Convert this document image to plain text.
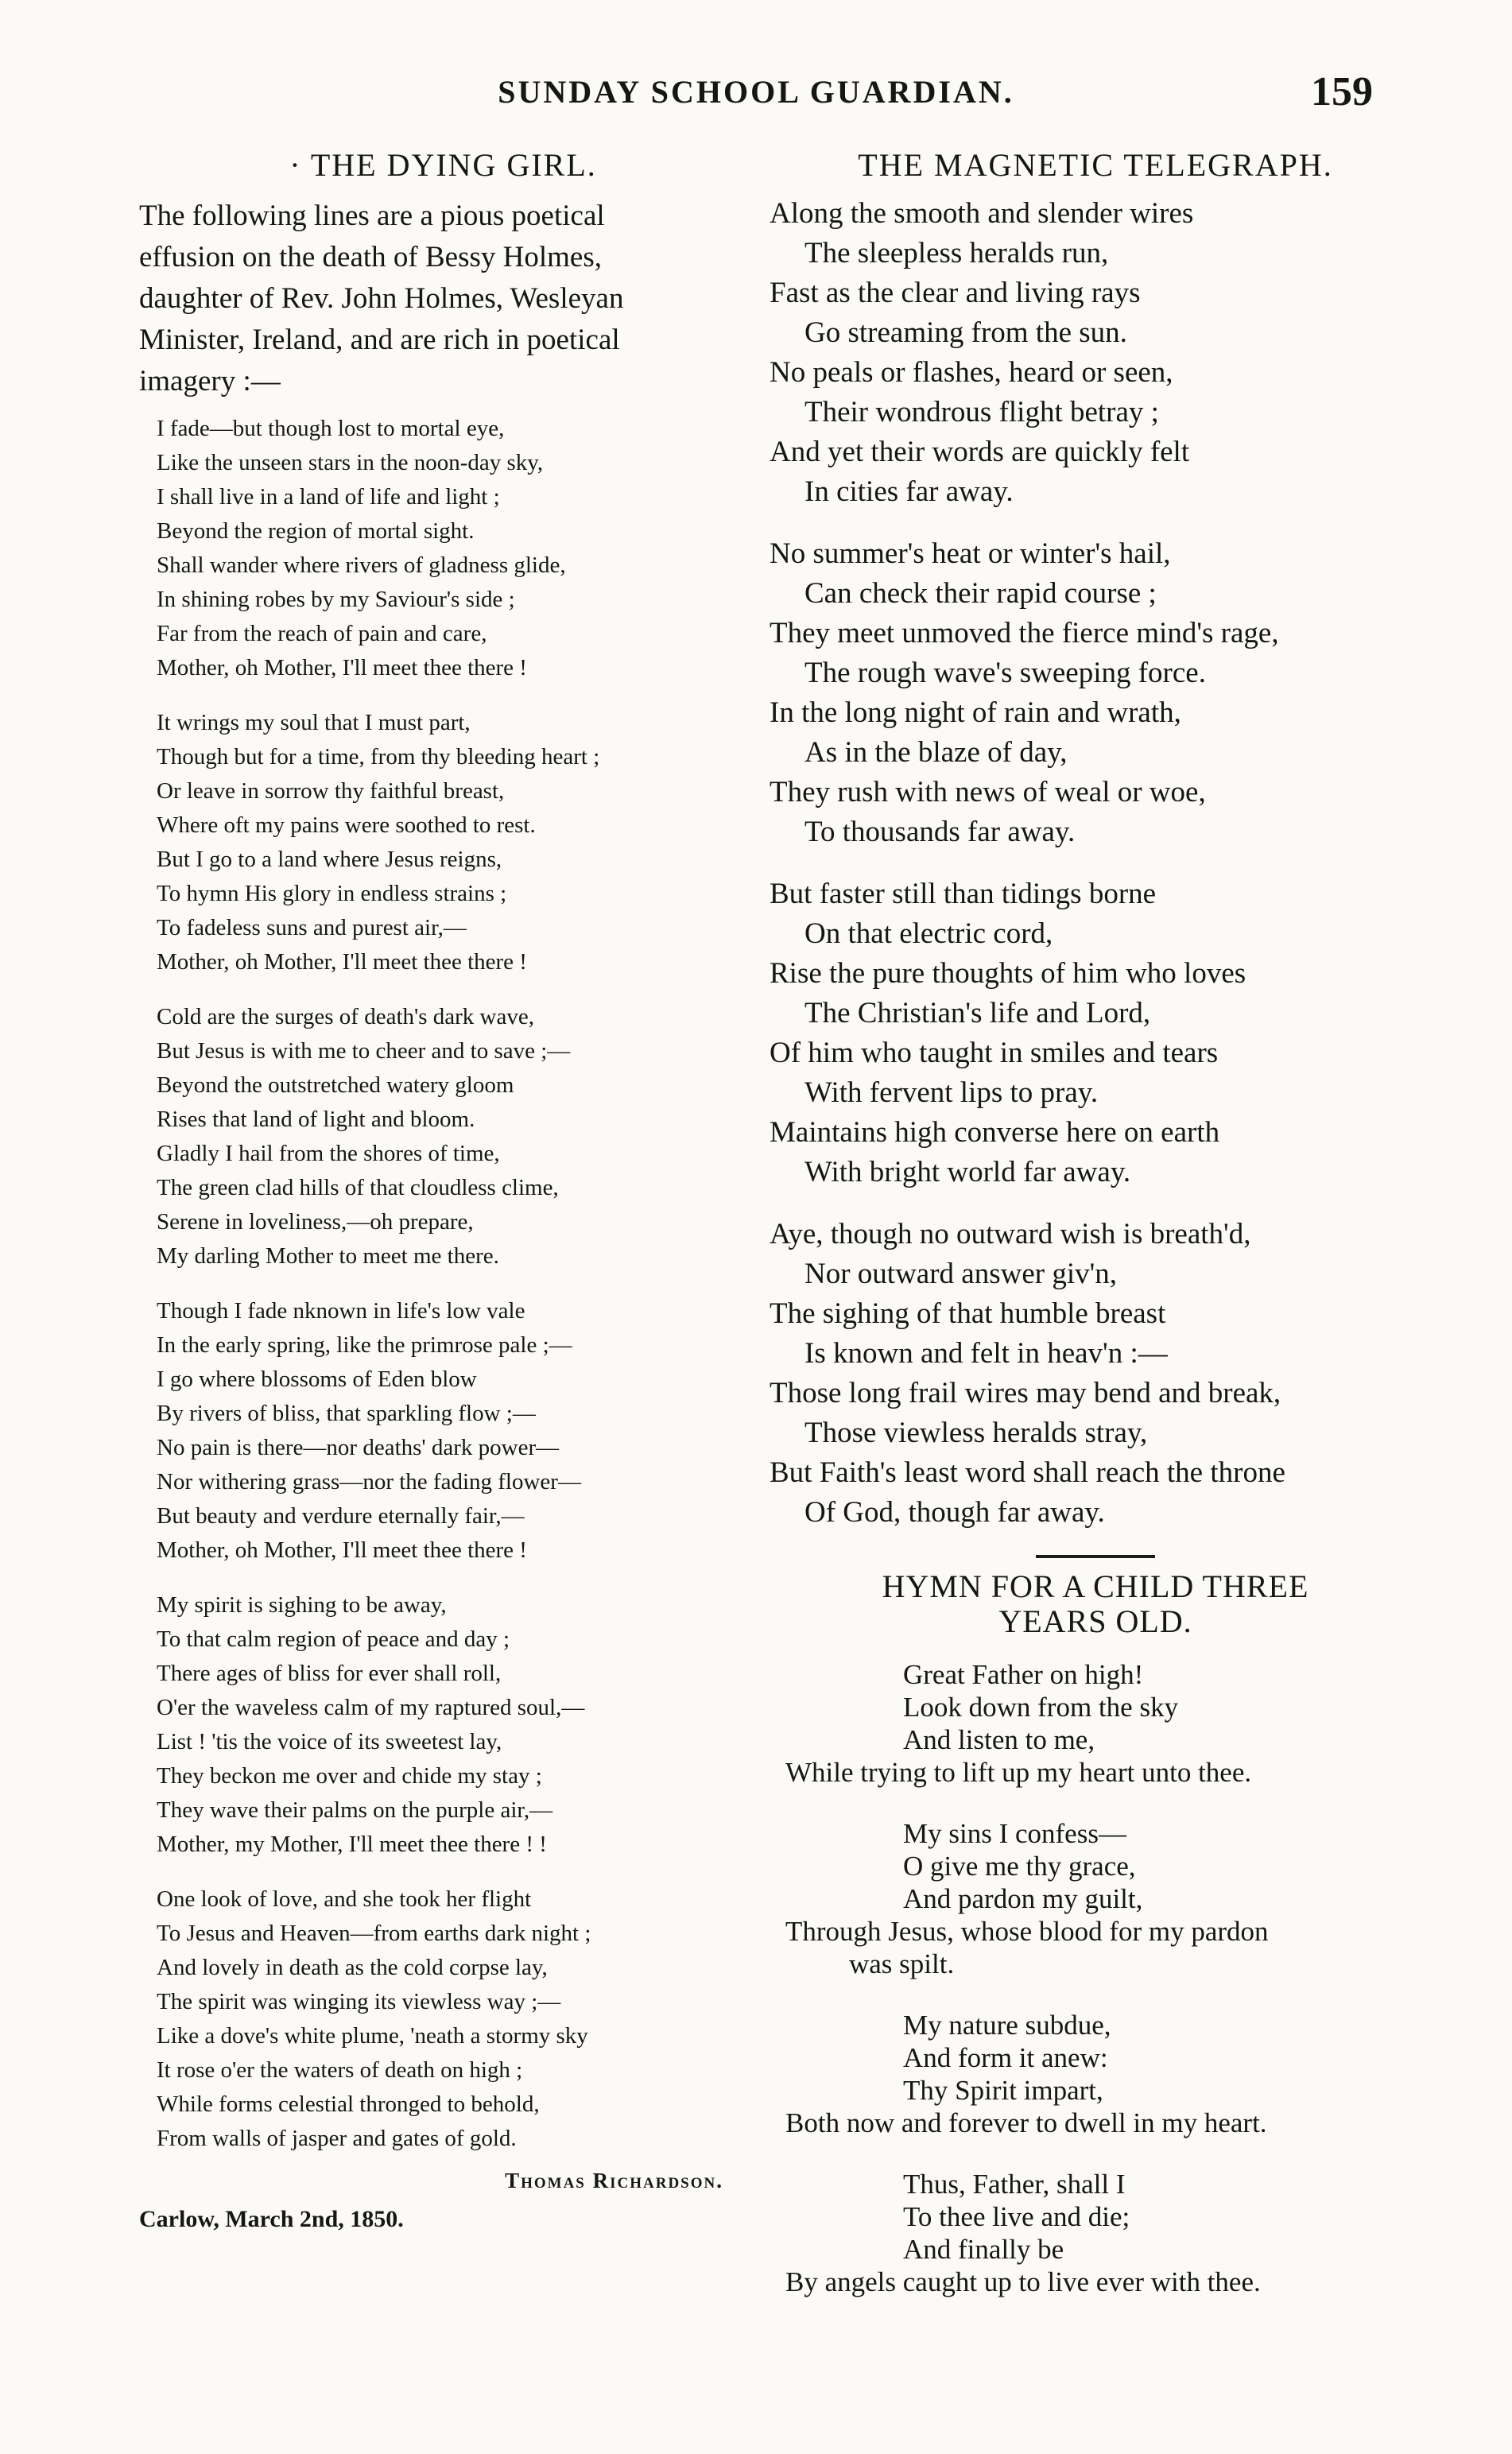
SUNDAY SCHOOL GUARDIAN.	159
· THE DYING GIRL.
The following lines are a pious poetical
effusion on the death of Bessy Holmes,
daughter of Rev. John Holmes, Wesleyan
Minister, Ireland, and are rich in poetical
imagery :—
I fade—but though lost to mortal eye,
Like the unseen stars in the noon-day sky,
I shall live in a land of life and light ;
Beyond the region of mortal sight.
Shall wander where rivers of gladness glide,
In shining robes by my Saviour's side ;
Far from the reach of pain and care,
Mother, oh Mother, I'll meet thee there !
It wrings my soul that I must part,
Though but for a time, from thy bleeding heart ;
Or leave in sorrow thy faithful breast,
Where oft my pains were soothed to rest.
But I go to a land where Jesus reigns,
To hymn His glory in endless strains ;
To fadeless suns and purest air,—
Mother, oh Mother, I'll meet thee there !
Cold are the surges of death's dark wave,
But Jesus is with me to cheer and to save ;—
Beyond the outstretched watery gloom
Rises that land of light and bloom.
Gladly I hail from the shores of time,
The green clad hills of that cloudless clime,
Serene in loveliness,—oh prepare,
My darling Mother to meet me there.
Though I fade nknown in life's low vale
In the early spring, like the primrose pale ;—
I go where blossoms of Eden blow
By rivers of bliss, that sparkling flow ;—
No pain is there—nor deaths' dark power—
Nor withering grass—nor the fading flower—
But beauty and verdure eternally fair,—
Mother, oh Mother, I'll meet thee there !
My spirit is sighing to be away,
To that calm region of peace and day ;
There ages of bliss for ever shall roll,
O'er the waveless calm of my raptured soul,—
List ! 'tis the voice of its sweetest lay,
They beckon me over and chide my stay ;
They wave their palms on the purple air,—
Mother, my Mother, I'll meet thee there ! !
One look of love, and she took her flight
To Jesus and Heaven—from earths dark night ;
And lovely in death as the cold corpse lay,
The spirit was winging its viewless way ;—
Like a dove's white plume, 'neath a stormy sky
It rose o'er the waters of death on high ;
While forms celestial thronged to behold,
From walls of jasper and gates of gold.
Thomas Richardson.
Carlow, March 2nd, 1850.
THE MAGNETIC TELEGRAPH.
Along the smooth and slender wires
The sleepless heralds run,
Fast as the clear and living rays
Go streaming from the sun.
No peals or flashes, heard or seen,
Their wondrous flight betray ;
And yet their words are quickly felt
In cities far away.
No summer's heat or winter's hail,
Can check their rapid course ;
They meet unmoved the fierce mind's rage,
The rough wave's sweeping force.
In the long night of rain and wrath,
As in the blaze of day,
They rush with news of weal or woe,
To thousands far away.
But faster still than tidings borne
On that electric cord,
Rise the pure thoughts of him who loves
The Christian's life and Lord,
Of him who taught in smiles and tears
With fervent lips to pray.
Maintains high converse here on earth
With bright world far away.
Aye, though no outward wish is breath'd,
Nor outward answer giv'n,
The sighing of that humble breast
Is known and felt in heav'n :—
Those long frail wires may bend and break,
Those viewless heralds stray,
But Faith's least word shall reach the throne
Of God, though far away.
HYMN FOR A CHILD THREE
YEARS OLD.
Great Father on high!
Look down from the sky
And listen to me,
While trying to lift up my heart unto thee.
My sins I confess—
O give me thy grace,
And pardon my guilt,
Through Jesus, whose blood for my pardon
was spilt.
My nature subdue,
And form it anew:
Thy Spirit impart,
Both now and forever to dwell in my heart.
Thus, Father, shall I
To thee live and die;
And finally be
By angels caught up to live ever with thee.
